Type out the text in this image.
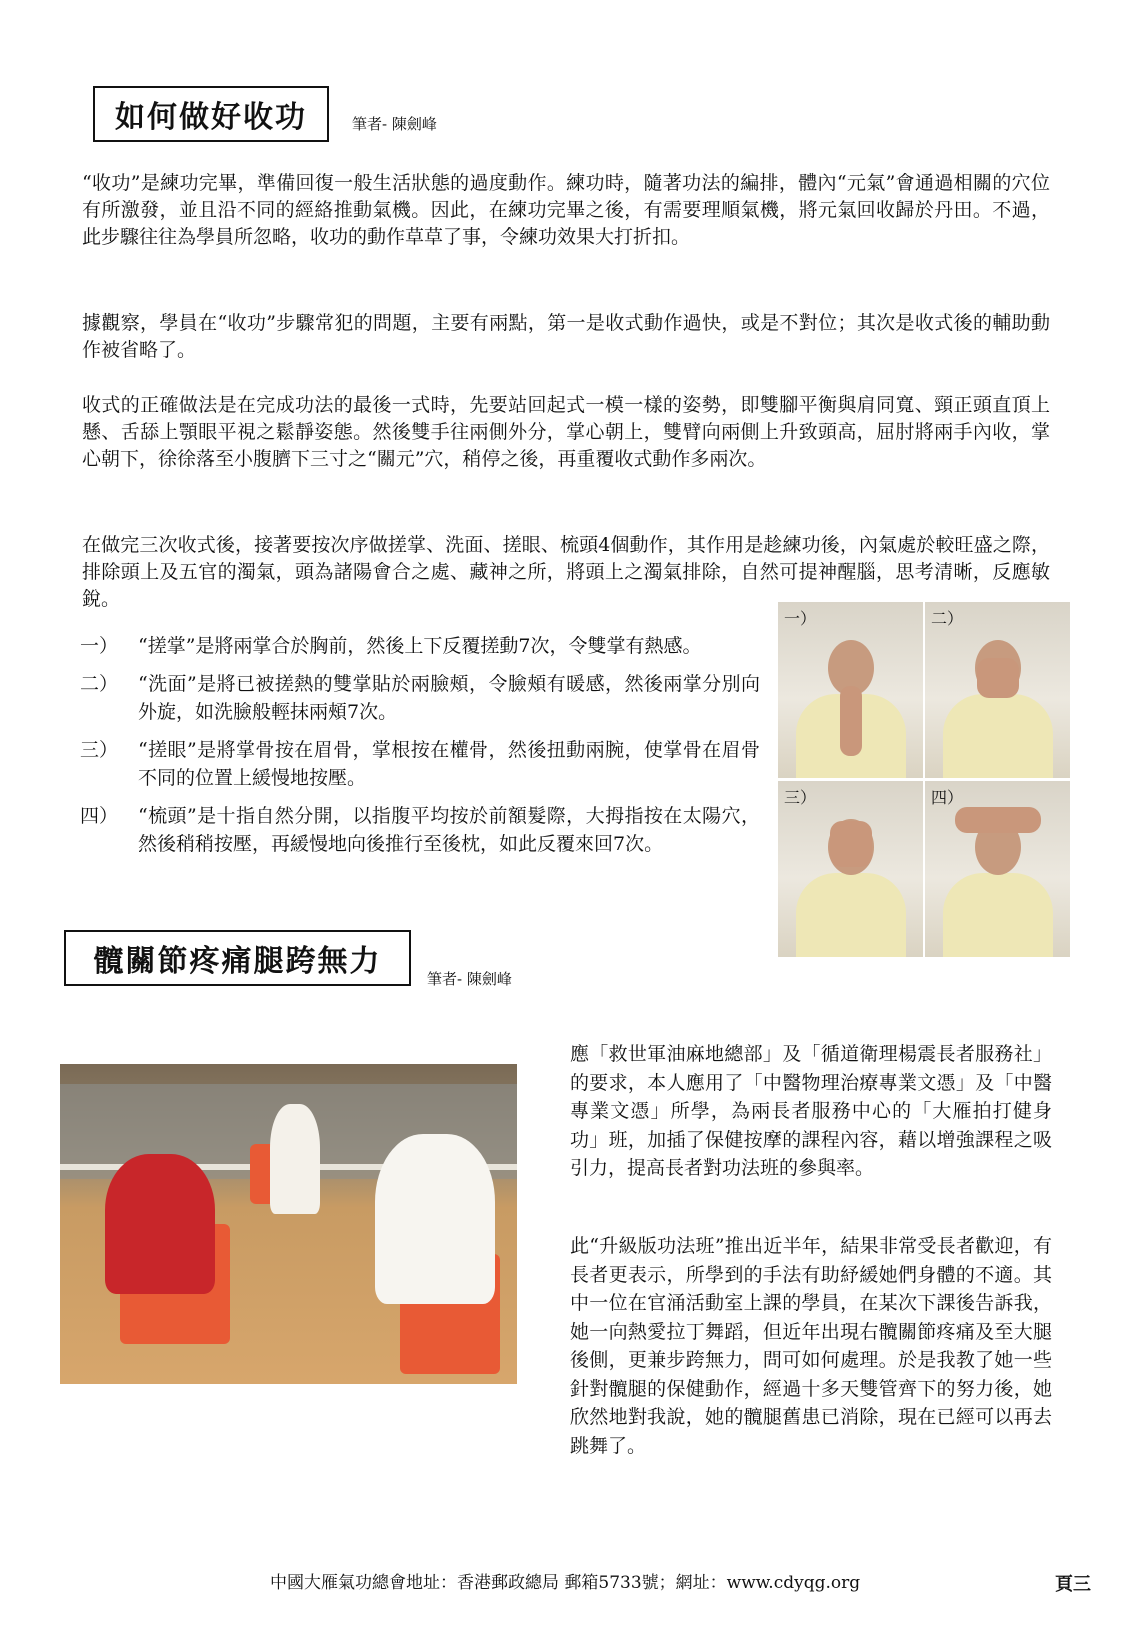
如何做好收功	筆者- 陳劍峰

“收功”是練功完畢，準備回復一般生活狀態的過度動作。練功時，隨著功法的編排，體內“元氣”會通過相關的穴位有所激發，並且沿不同的經絡推動氣機。因此，在練功完畢之後，有需要理順氣機，將元氣回收歸於丹田。不過，此步驟往往為學員所忽略，收功的動作草草了事，令練功效果大打折扣。

據觀察，學員在“收功”步驟常犯的問題，主要有兩點，第一是收式動作過快，或是不對位；其次是收式後的輔助動作被省略了。

收式的正確做法是在完成功法的最後一式時，先要站回起式一模一樣的姿勢，即雙腳平衡與肩同寬、頸正頭直頂上懸、舌舔上顎眼平視之鬆靜姿態。然後雙手往兩側外分，掌心朝上，雙臂向兩側上升致頭高，屈肘將兩手內收，掌心朝下，徐徐落至小腹臍下三寸之“關元”穴，稍停之後，再重覆收式動作多兩次。

在做完三次收式後，接著要按次序做搓掌、洗面、搓眼、梳頭4個動作，其作用是趁練功後，內氣處於較旺盛之際，排除頭上及五官的濁氣，頭為諸陽會合之處、藏神之所，將頭上之濁氣排除，自然可提神醒腦，思考清晰，反應敏銳。

一）	“搓掌”是將兩掌合於胸前，然後上下反覆搓動7次，令雙掌有熱感。
二）	“洗面”是將已被搓熱的雙掌貼於兩臉頰，令臉頰有暖感，然後兩掌分別向外旋，如洗臉般輕抹兩頰7次。
三）	“搓眼”是將掌骨按在眉骨，掌根按在權骨，然後扭動兩腕，使掌骨在眉骨不同的位置上緩慢地按壓。
四）	“梳頭”是十指自然分開，以指腹平均按於前額髮際，大拇指按在太陽穴，然後稍稍按壓，再緩慢地向後推行至後枕，如此反覆來回7次。
一）	二）
三）	四）
髖關節疼痛腿跨無力	筆者- 陳劍峰

應「救世軍油麻地總部」及「循道衛理楊震長者服務社」的要求，本人應用了「中醫物理治療專業文憑」及「中醫專業文憑」所學，為兩長者服務中心的「大雁拍打健身功」班，加插了保健按摩的課程內容，藉以增強課程之吸引力，提高長者對功法班的參與率。

此“升級版功法班”推出近半年，結果非常受長者歡迎，有長者更表示，所學到的手法有助紓緩她們身體的不適。其中一位在官涌活動室上課的學員，在某次下課後告訴我，她一向熱愛拉丁舞蹈，但近年出現右髖關節疼痛及至大腿後側，更兼步跨無力，問可如何處理。於是我教了她一些針對髖腿的保健動作，經過十多天雙管齊下的努力後，她欣然地對我說，她的髖腿舊患已消除，現在已經可以再去跳舞了。

中國大雁氣功總會地址：香港郵政總局 郵箱5733號；網址：www.cdyqg.org	頁三
